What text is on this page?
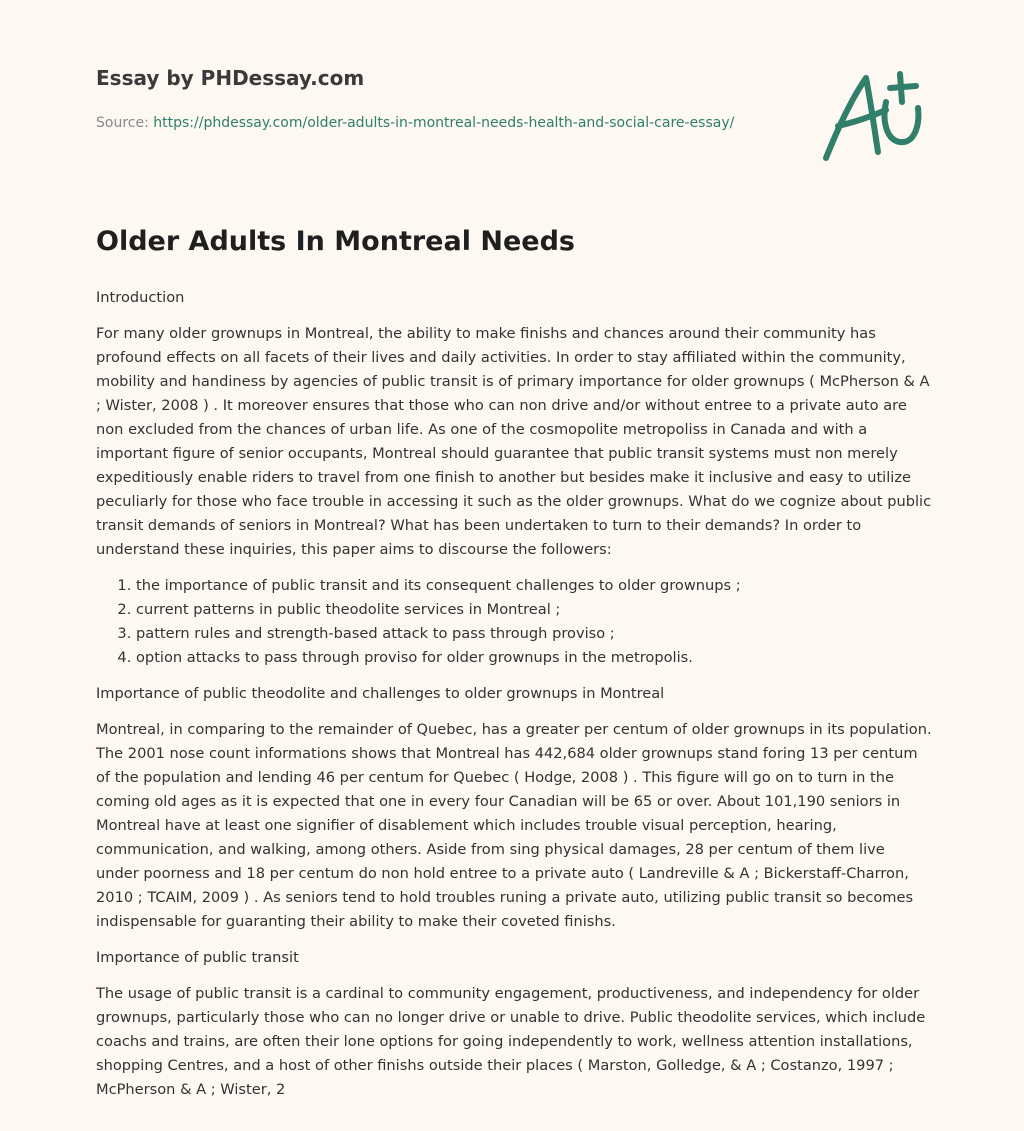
Essay by PHDessay.com
Source: https://phdessay.com/older-adults-in-montreal-needs-health-and-social-care-essay/
Older Adults In Montreal Needs

Introduction

For many older grownups in Montreal, the ability to make finishs and chances around their community has profound effects on all facets of their lives and daily activities. In order to stay affiliated within the community, mobility and handiness by agencies of public transit is of primary importance for older grownups ( McPherson & A ; Wister, 2008 ) . It moreover ensures that those who can non drive and/or without entree to a private auto are non excluded from the chances of urban life. As one of the cosmopolite metropoliss in Canada and with a important figure of senior occupants, Montreal should guarantee that public transit systems must non merely expeditiously enable riders to travel from one finish to another but besides make it inclusive and easy to utilize peculiarly for those who face trouble in accessing it such as the older grownups. What do we cognize about public transit demands of seniors in Montreal? What has been undertaken to turn to their demands? In order to understand these inquiries, this paper aims to discourse the followers:

1. the importance of public transit and its consequent challenges to older grownups ;
2. current patterns in public theodolite services in Montreal ;
3. pattern rules and strength-based attack to pass through proviso ;
4. option attacks to pass through proviso for older grownups in the metropolis.

Importance of public theodolite and challenges to older grownups in Montreal

Montreal, in comparing to the remainder of Quebec, has a greater per centum of older grownups in its population. The 2001 nose count informations shows that Montreal has 442,684 older grownups stand foring 13 per centum of the population and lending 46 per centum for Quebec ( Hodge, 2008 ) . This figure will go on to turn in the coming old ages as it is expected that one in every four Canadian will be 65 or over. About 101,190 seniors in Montreal have at least one signifier of disablement which includes trouble visual perception, hearing, communication, and walking, among others. Aside from sing physical damages, 28 per centum of them live under poorness and 18 per centum do non hold entree to a private auto ( Landreville & A ; Bickerstaff-Charron, 2010 ; TCAIM, 2009 ) . As seniors tend to hold troubles runing a private auto, utilizing public transit so becomes indispensable for guaranting their ability to make their coveted finishs.

Importance of public transit

The usage of public transit is a cardinal to community engagement, productiveness, and independency for older grownups, particularly those who can no longer drive or unable to drive. Public theodolite services, which include coachs and trains, are often their lone options for going independently to work, wellness attention installations, shopping Centres, and a host of other finishs outside their places ( Marston, Golledge, & A ; Costanzo, 1997 ; McPherson & A ; Wister, 2
